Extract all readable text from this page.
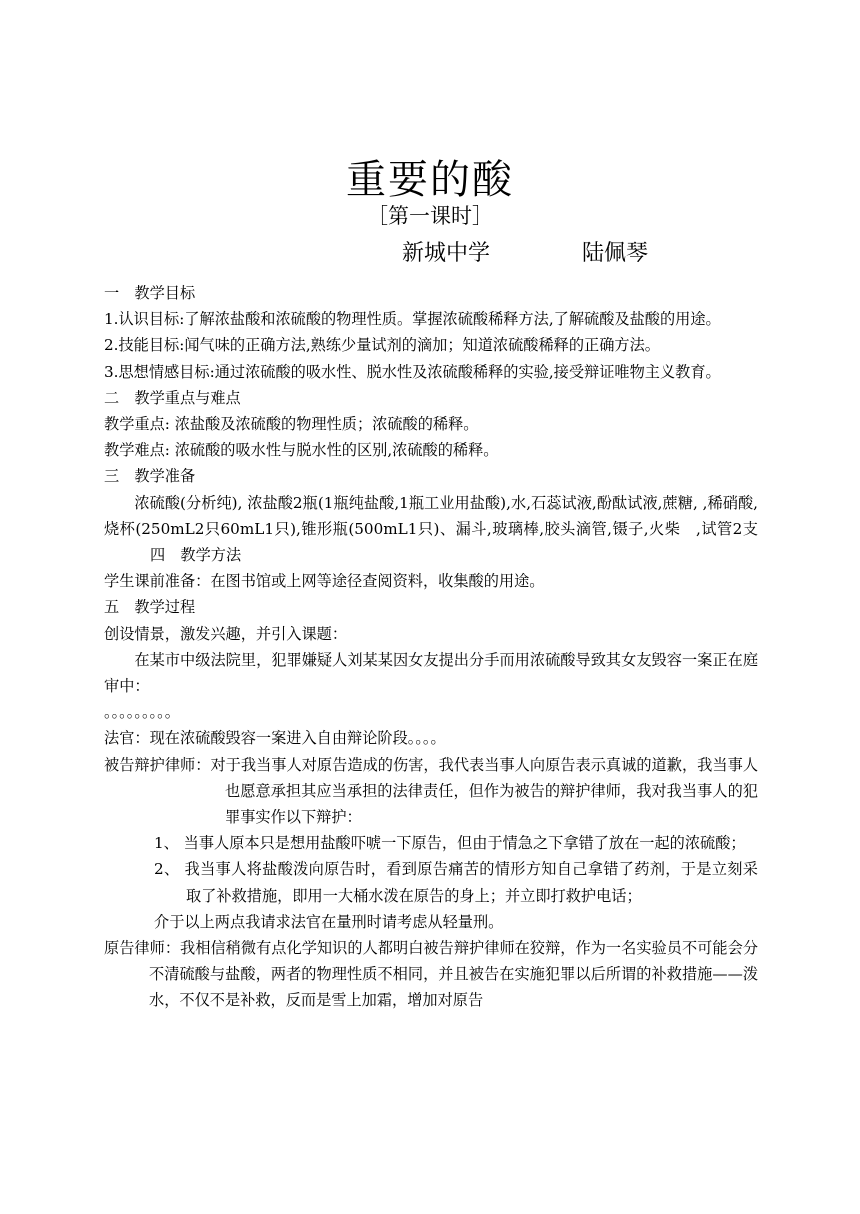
重要的酸
［第一课时］
新城中学	陆佩琴

一　教学目标

1.认识目标:了解浓盐酸和浓硫酸的物理性质。掌握浓硫酸稀释方法,了解硫酸及盐酸的用途。

2.技能目标:闻气味的正确方法,熟练少量试剂的滴加；知道浓硫酸稀释的正确方法。

3.思想情感目标:通过浓硫酸的吸水性、脱水性及浓硫酸稀释的实验,接受辩证唯物主义教育。

二　教学重点与难点

教学重点: 浓盐酸及浓硫酸的物理性质；浓硫酸的稀释。

教学难点: 浓硫酸的吸水性与脱水性的区别,浓硫酸的稀释。

三　教学准备

浓硫酸(分析纯), 浓盐酸2瓶(1瓶纯盐酸,1瓶工业用盐酸),水,石蕊试液,酚酞试液,蔗糖, ,稀硝酸,烧杯(250mL2只60mL1只),锥形瓶(500mL1只)、漏斗,玻璃棒,胶头滴管,镊子,火柴　,试管2支四　教学方法

学生课前准备：在图书馆或上网等途径查阅资料，收集酸的用途。

五　教学过程

创设情景，激发兴趣，并引入课题：

在某市中级法院里，犯罪嫌疑人刘某某因女友提出分手而用浓硫酸导致其女友毁容一案正在庭审中：

。。。。。。。。。

法官：现在浓硫酸毁容一案进入自由辩论阶段。。。。

被告辩护律师：对于我当事人对原告造成的伤害，我代表当事人向原告表示真诚的道歉，我当事人也愿意承担其应当承担的法律责任，但作为被告的辩护律师，我对我当事人的犯罪事实作以下辩护：

1、 当事人原本只是想用盐酸吓唬一下原告，但由于情急之下拿错了放在一起的浓硫酸；

2、 我当事人将盐酸泼向原告时，看到原告痛苦的情形方知自己拿错了药剂，于是立刻采取了补救措施，即用一大桶水泼在原告的身上；并立即打救护电话；

介于以上两点我请求法官在量刑时请考虑从轻量刑。

原告律师：我相信稍微有点化学知识的人都明白被告辩护律师在狡辩，作为一名实验员不可能会分不清硫酸与盐酸，两者的物理性质不相同，并且被告在实施犯罪以后所谓的补救措施——泼水，不仅不是补救，反而是雪上加霜，增加对原告
